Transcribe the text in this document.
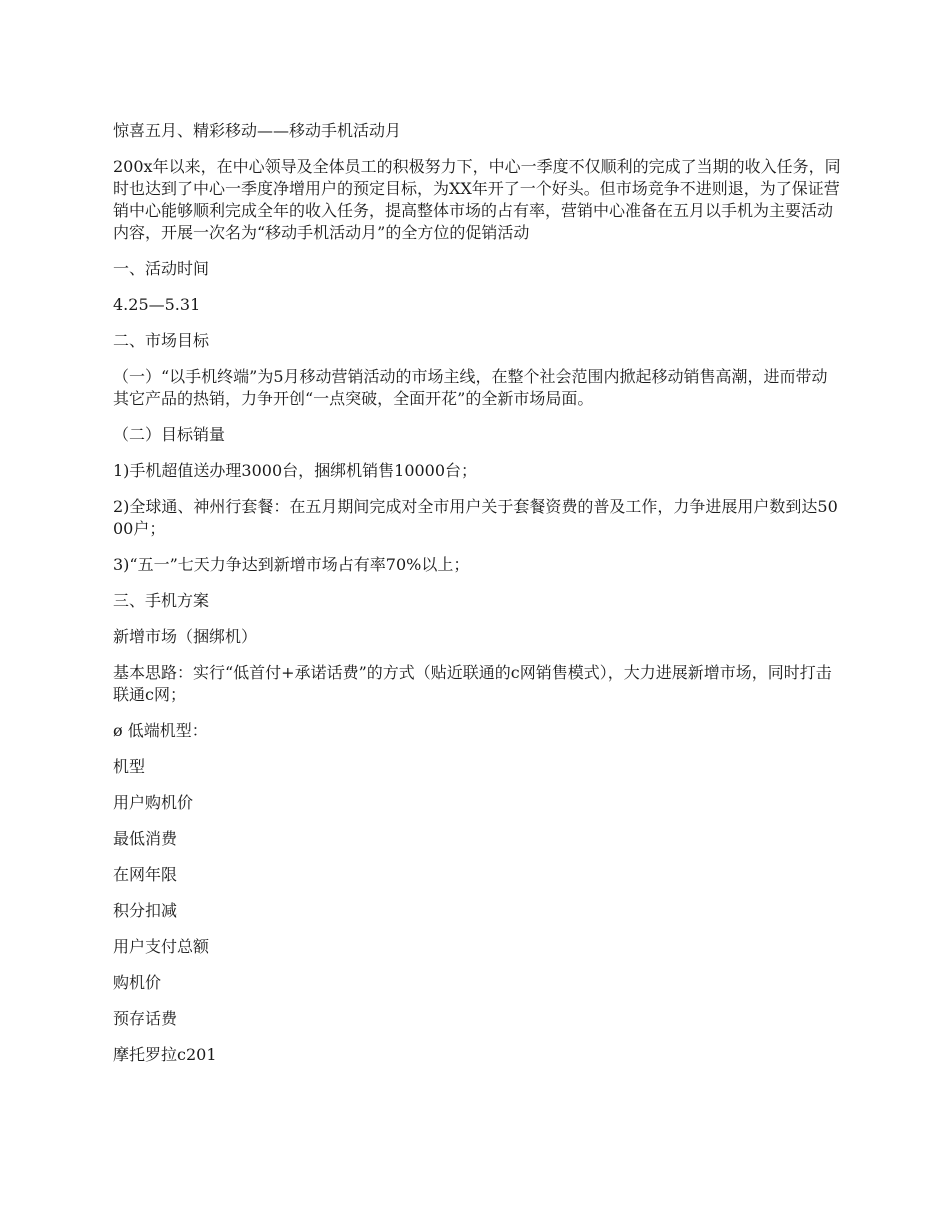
惊喜五月、精彩移动——移动手机活动月

200x年以来，在中心领导及全体员工的积极努力下，中心一季度不仅顺利的完成了当期的收入任务，同时也达到了中心一季度净增用户的预定目标，为XX年开了一个好头。但市场竞争不进则退，为了保证营销中心能够顺利完成全年的收入任务，提高整体市场的占有率，营销中心准备在五月以手机为主要活动内容，开展一次名为“移动手机活动月”的全方位的促销活动

一、活动时间

4.25—5.31

二、市场目标

（一）“以手机终端”为5月移动营销活动的市场主线，在整个社会范围内掀起移动销售高潮，进而带动其它产品的热销，力争开创“一点突破，全面开花”的全新市场局面。

（二）目标销量

1)手机超值送办理3000台，捆绑机销售10000台；

2)全球通、神州行套餐：在五月期间完成对全市用户关于套餐资费的普及工作，力争进展用户数到达5000户；

3)“五一”七天力争达到新增市场占有率70%以上；

三、手机方案

新增市场（捆绑机）

基本思路：实行“低首付+承诺话费”的方式（贴近联通的c网销售模式），大力进展新增市场，同时打击联通c网；

ø 低端机型：

机型

用户购机价

最低消费

在网年限

积分扣减

用户支付总额

购机价

预存话费

摩托罗拉c201
